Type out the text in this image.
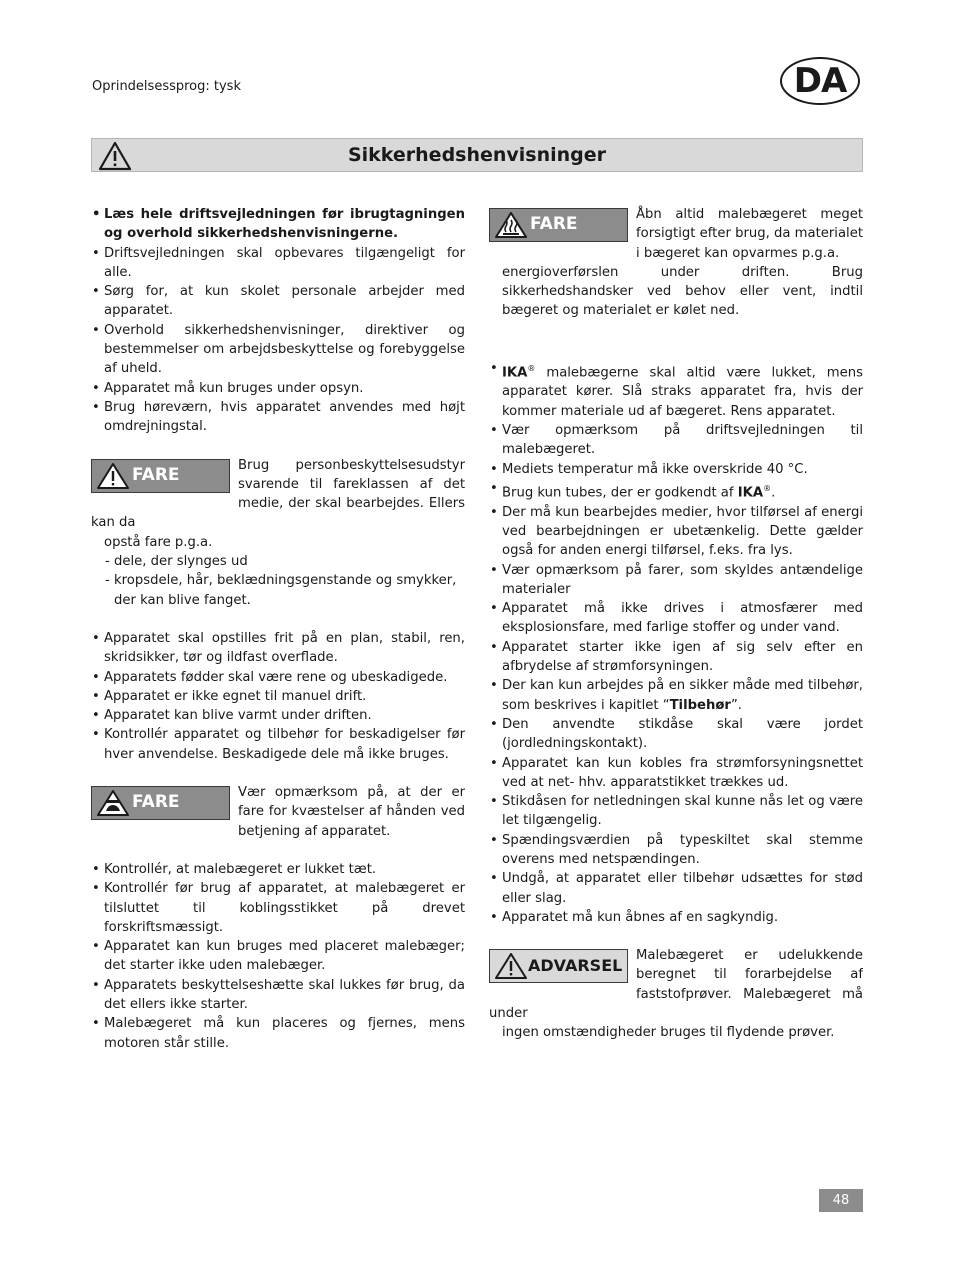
Oprindelsessprog: tysk	DA
Sikkerhedshenvisninger
• Læs hele driftsvejledningen før ibrugtagningen og overhold sikkerhedshenvisningerne.
• Driftsvejledningen skal opbevares tilgængeligt for alle.
• Sørg for, at kun skolet personale arbejder med apparatet.
• Overhold sikkerhedshenvisninger, direktiver og bestemmelser om arbejdsbeskyttelse og forebyggelse af uheld.
• Apparatet må kun bruges under opsyn.
• Brug høreværn, hvis apparatet anvendes med højt omdrejningstal.
FARE	Brug personbeskyttelsesudstyr svarende til fareklassen af det medie, der skal bearbejdes. Ellers kan da
opstå fare p.g.a.
- dele, der slynges ud
- kropsdele, hår, beklædningsgenstande og smykker, der kan blive fanget.
• Apparatet skal opstilles frit på en plan, stabil, ren, skridsikker, tør og ildfast overflade.
• Apparatets fødder skal være rene og ubeskadigede.
• Apparatet er ikke egnet til manuel drift.
• Apparatet kan blive varmt under driften.
• Kontrollér apparatet og tilbehør for beskadigelser før hver anvendelse. Beskadigede dele må ikke bruges.
FARE	Vær opmærksom på, at der er fare for kvæstelser af hånden ved betjening af apparatet.
• Kontrollér, at malebægeret er lukket tæt.
• Kontrollér før brug af apparatet, at malebægeret er tilsluttet til koblingsstikket på drevet forskriftsmæssigt.
• Apparatet kan kun bruges med placeret malebæger; det starter ikke uden malebæger.
• Apparatets beskyttelseshætte skal lukkes før brug, da det ellers ikke starter.
• Malebægeret må kun placeres og fjernes, mens motoren står stille.
FARE	Åbn altid malebægeret meget forsigtigt efter brug, da materialet i bægeret kan opvarmes p.g.a.
energioverførslen under driften. Brug sikkerhedshandsker ved behov eller vent, indtil bægeret og materialet er kølet ned.
• IKA® malebægerne skal altid være lukket, mens apparatet kører. Slå straks apparatet fra, hvis der kommer materiale ud af bægeret. Rens apparatet.
• Vær opmærksom på driftsvejledningen til malebægeret.
• Mediets temperatur må ikke overskride 40 °C.
• Brug kun tubes, der er godkendt af IKA®.
• Der må kun bearbejdes medier, hvor tilførsel af energi ved bearbejdningen er ubetænkelig. Dette gælder også for anden energi tilførsel, f.eks. fra lys.
• Vær opmærksom på farer, som skyldes antændelige materialer
• Apparatet må ikke drives i atmosfærer med eksplosionsfare, med farlige stoffer og under vand.
• Apparatet starter ikke igen af sig selv efter en afbrydelse af strømforsyningen.
• Der kan kun arbejdes på en sikker måde med tilbehør, som beskrives i kapitlet “Tilbehør”.
• Den anvendte stikdåse skal være jordet (jordledningskontakt).
• Apparatet kan kun kobles fra strømforsyningsnettet ved at net- hhv. apparatstikket trækkes ud.
• Stikdåsen for netledningen skal kunne nås let og være let tilgængelig.
• Spændingsværdien på typeskiltet skal stemme overens med netspændingen.
• Undgå, at apparatet eller tilbehør udsættes for stød eller slag.
• Apparatet må kun åbnes af en sagkyndig.
ADVARSEL
Malebægeret er udelukkende beregnet til forarbejdelse af faststofprøver. Malebægeret må under
ingen omstændigheder bruges til flydende prøver.
48
